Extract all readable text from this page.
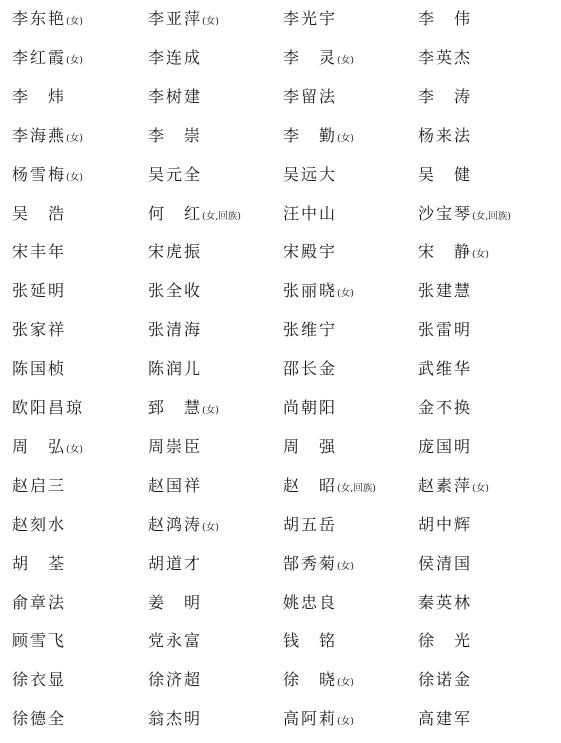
李东艳(女)	李亚萍(女)	李光宇	李　伟
李红霞(女)	李连成	李　灵(女)	李英杰
李　炜	李树建	李留法	李　涛
李海燕(女)	李　崇	李　勤(女)	杨来法
杨雪梅(女)	吴元全	吴远大	吴　健
吴　浩	何　红(女,回族)	汪中山	沙宝琴(女,回族)
宋丰年	宋虎振	宋殿宇	宋　静(女)
张延明	张全收	张丽晓(女)	张建慧
张家祥	张清海	张维宁	张雷明
陈国桢	陈润儿	邵长金	武维华
欧阳昌琼	郅　慧(女)	尚朝阳	金不换
周　弘(女)	周崇臣	周　强	庞国明
赵启三	赵国祥	赵　昭(女,回族)	赵素萍(女)
赵刻水	赵鸿涛(女)	胡五岳	胡中辉
胡　荃	胡道才	郜秀菊(女)	侯清国
俞章法	姜　明	姚忠良	秦英林
顾雪飞	党永富	钱　铭	徐　光
徐衣显	徐济超	徐　晓(女)	徐诺金
徐德全	翁杰明	高阿莉(女)	高建军
